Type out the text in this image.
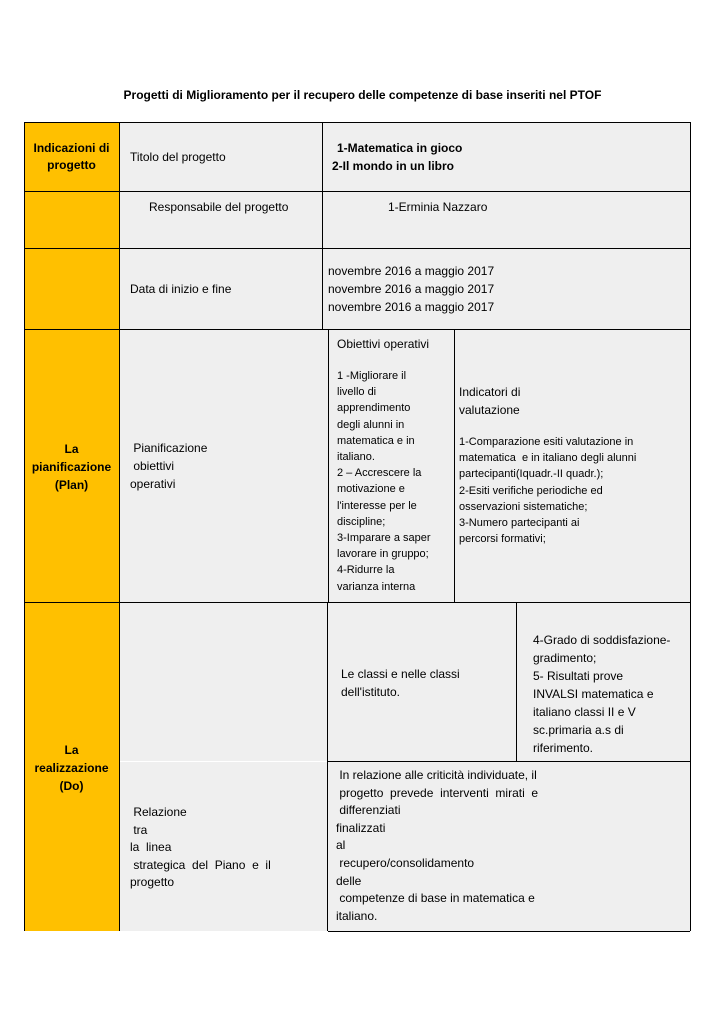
Progetti di Miglioramento per il recupero delle competenze di base inseriti nel PTOF
Indicazioni di
progetto
La
pianificazione
(Plan)
La
realizzazione
(Do)
Titolo del progetto
1-Matematica in gioco
2-Il mondo in un libro
Responsabile del progetto	1-Erminia Nazzaro
Data di inizio e fine
novembre 2016 a maggio 2017
novembre 2016 a maggio 2017
novembre 2016 a maggio 2017
Pianificazione
obiettivi
operativi
Obiettivi operativi
1 -Migliorare il
livello di
apprendimento
degli alunni in
matematica e in
italiano.
2 – Accrescere la
motivazione e
l'interesse per le
discipline;
3-Imparare a saper
lavorare in gruppo;
4-Ridurre la
varianza interna
Indicatori di
valutazione
1-Comparazione esiti valutazione in
matematica  e in italiano degli alunni
partecipanti(Iquadr.-II quadr.);
2-Esiti verifiche periodiche ed
osservazioni sistematiche;
3-Numero partecipanti ai
percorsi formativi;
Le classi e nelle classi
dell'istituto.
4-Grado di soddisfazione-
gradimento;
5- Risultati prove
INVALSI matematica e
italiano classi II e V
sc.primaria a.s di
riferimento.
Relazione
tra
la  linea
strategica  del  Piano  e  il
progetto
In relazione alle criticità individuate, il
progetto  prevede  interventi  mirati  e
differenziati
finalizzati
al
recupero/consolidamento
delle
competenze di base in matematica e
italiano.
